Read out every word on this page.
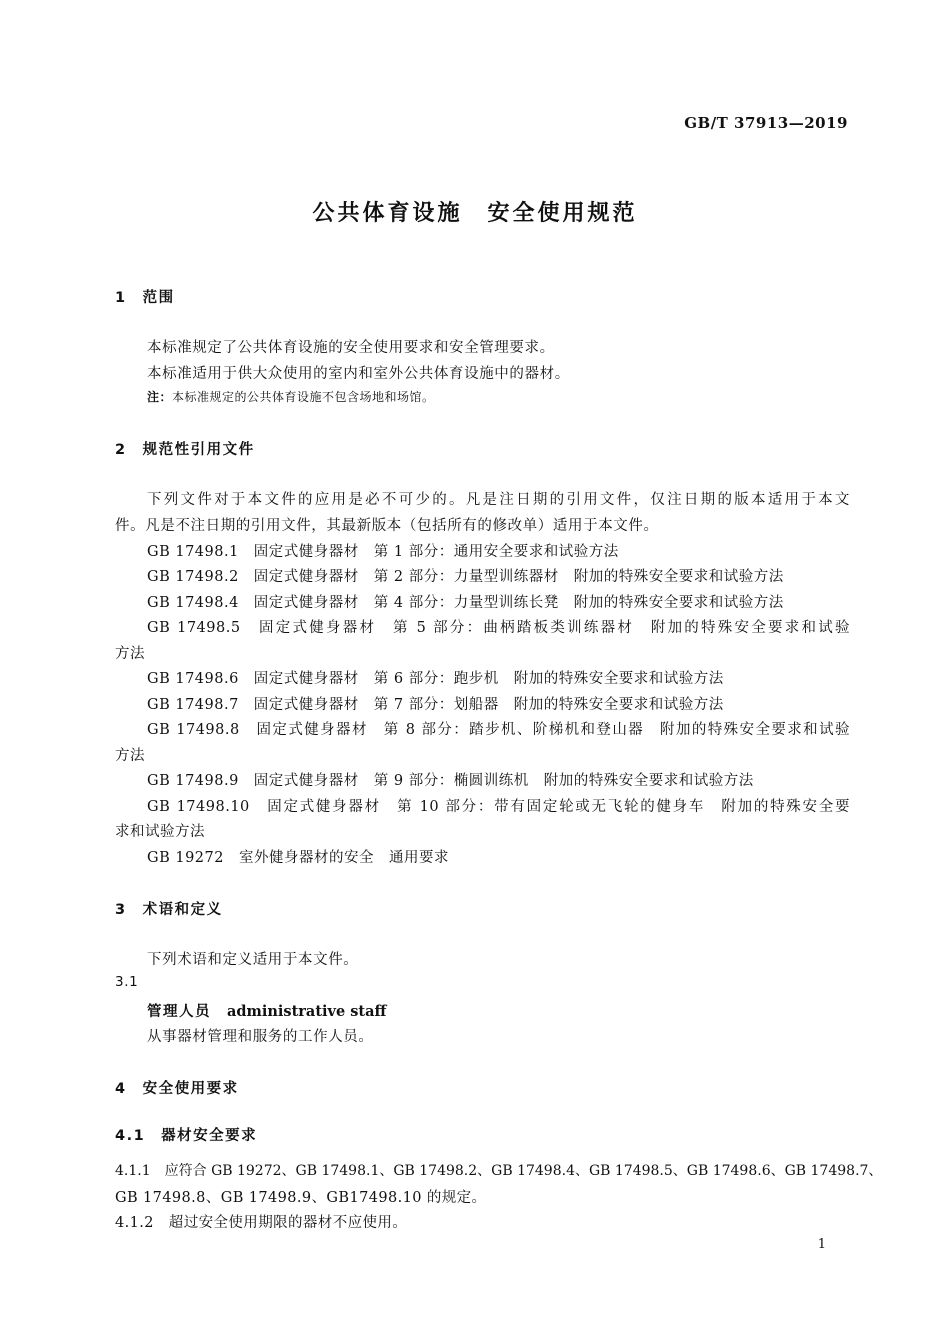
GB/T 37913—2019
公共体育设施　安全使用规范
1　范围
本标准规定了公共体育设施的安全使用要求和安全管理要求。
本标准适用于供大众使用的室内和室外公共体育设施中的器材。
注：本标准规定的公共体育设施不包含场地和场馆。
2　规范性引用文件
下列文件对于本文件的应用是必不可少的。凡是注日期的引用文件，仅注日期的版本适用于本文
件。凡是不注日期的引用文件，其最新版本（包括所有的修改单）适用于本文件。
GB 17498.1　固定式健身器材　第 1 部分：通用安全要求和试验方法
GB 17498.2　固定式健身器材　第 2 部分：力量型训练器材　附加的特殊安全要求和试验方法
GB 17498.4　固定式健身器材　第 4 部分：力量型训练长凳　附加的特殊安全要求和试验方法
GB 17498.5　固定式健身器材　第 5 部分：曲柄踏板类训练器材　附加的特殊安全要求和试验
方法
GB 17498.6　固定式健身器材　第 6 部分：跑步机　附加的特殊安全要求和试验方法
GB 17498.7　固定式健身器材　第 7 部分：划船器　附加的特殊安全要求和试验方法
GB 17498.8　固定式健身器材　第 8 部分：踏步机、阶梯机和登山器　附加的特殊安全要求和试验
方法
GB 17498.9　固定式健身器材　第 9 部分：椭圆训练机　附加的特殊安全要求和试验方法
GB 17498.10　固定式健身器材　第 10 部分：带有固定轮或无飞轮的健身车　附加的特殊安全要
求和试验方法
GB 19272　室外健身器材的安全　通用要求
3　术语和定义
下列术语和定义适用于本文件。
3.1
管理人员 administrative staff
从事器材管理和服务的工作人员。
4　安全使用要求
4.1　器材安全要求
4.1.1　应符合 GB 19272、GB 17498.1、GB 17498.2、GB 17498.4、GB 17498.5、GB 17498.6、GB 17498.7、
GB 17498.8、GB 17498.9、GB17498.10 的规定。
4.1.2　超过安全使用期限的器材不应使用。
1
